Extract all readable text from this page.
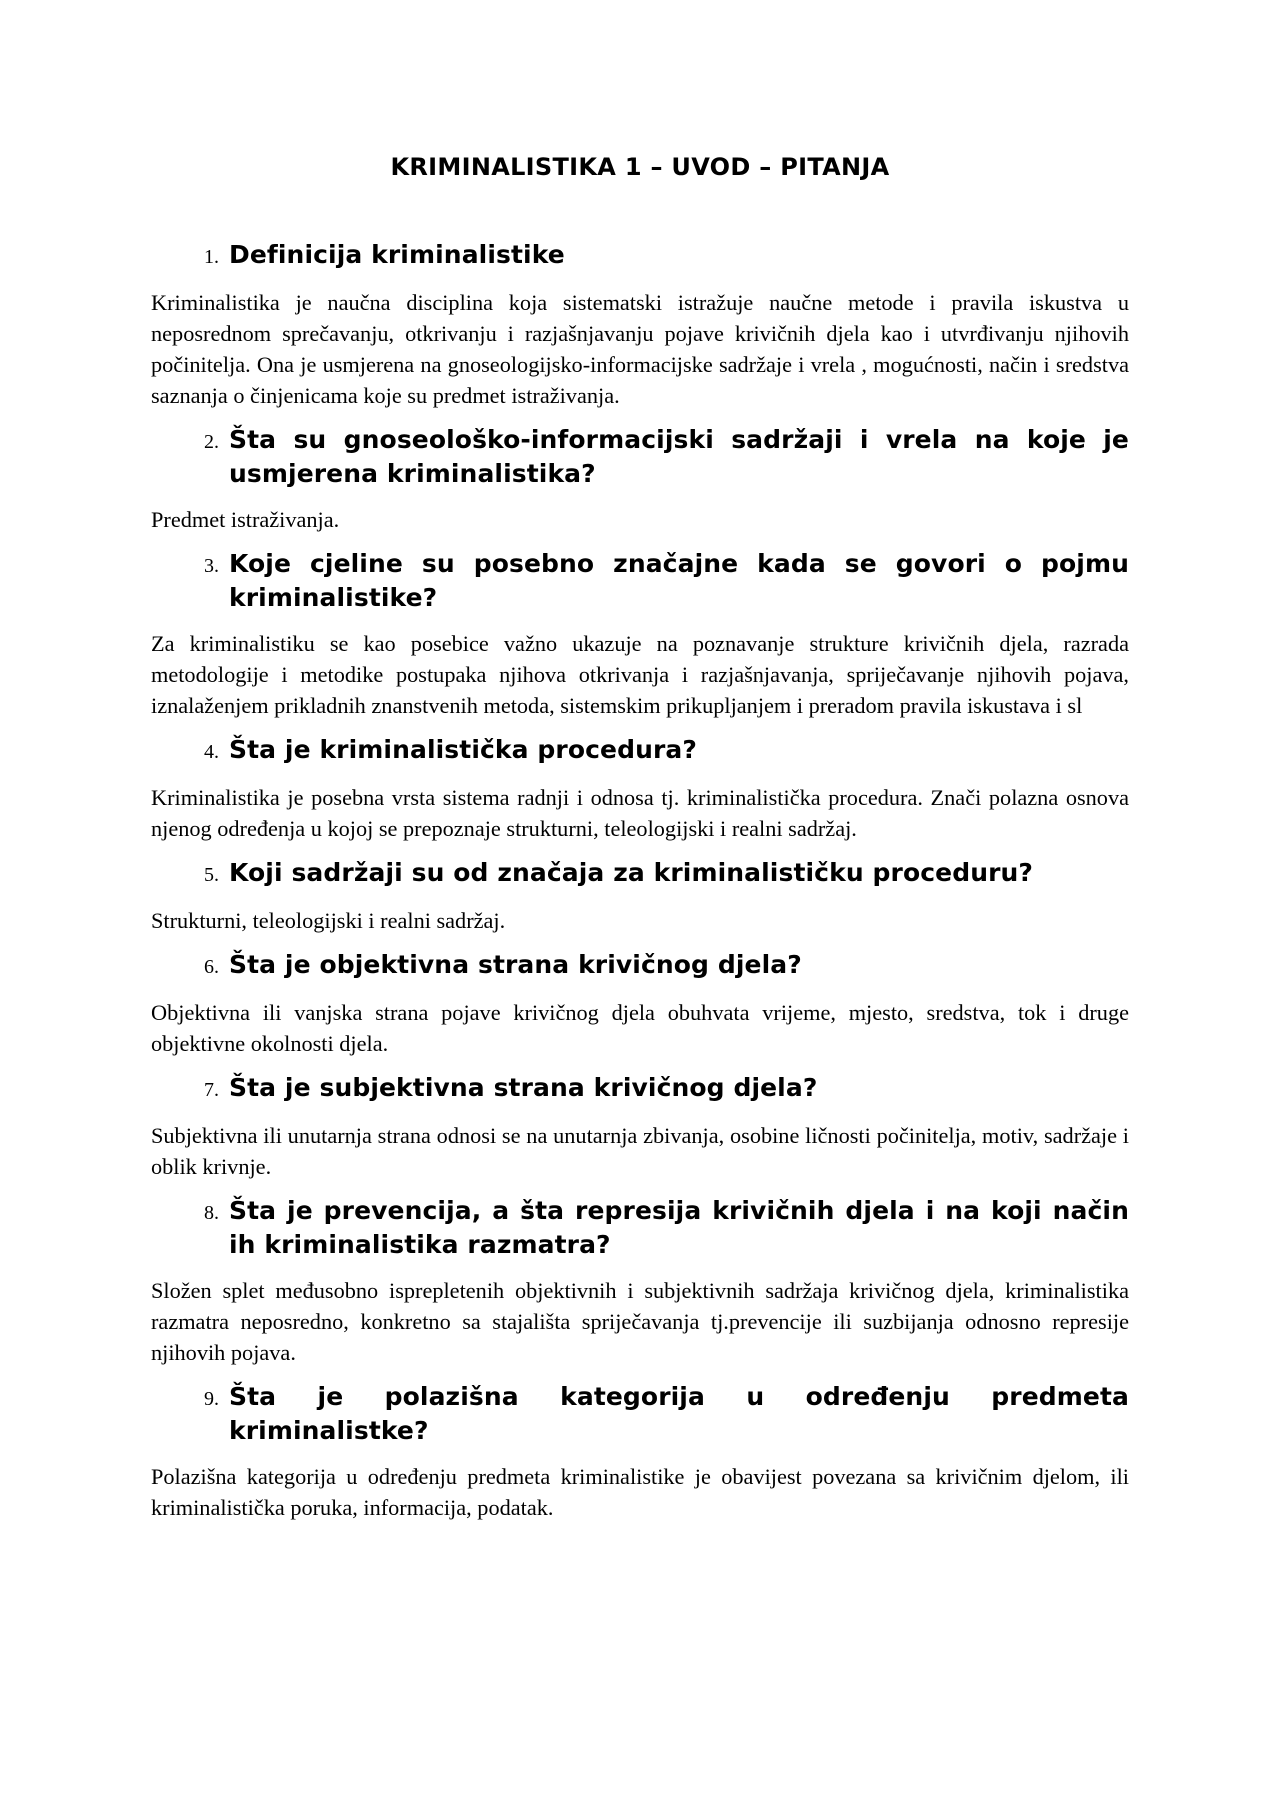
KRIMINALISTIKA 1 – UVOD – PITANJA
1. Definicija kriminalistike

Kriminalistika je naučna disciplina koja sistematski istražuje naučne metode i pravila iskustva u neposrednom sprečavanju, otkrivanju i razjašnjavanju pojave krivičnih djela kao i utvrđivanju njihovih počinitelja. Ona je usmjerena na gnoseologijsko-informacijske sadržaje i vrela , mogućnosti, način i sredstva saznanja o činjenicama koje su predmet istraživanja.

2. Šta su gnoseološko-informacijski sadržaji i vrela na koje je usmjerena kriminalistika?

Predmet istraživanja.

3. Koje cjeline su posebno značajne kada se govori o pojmu kriminalistike?

Za kriminalistiku se kao posebice važno ukazuje na poznavanje strukture krivičnih djela, razrada metodologije i metodike postupaka njihova otkrivanja i razjašnjavanja, spriječavanje njihovih pojava, iznalaženjem prikladnih znanstvenih metoda, sistemskim prikupljanjem i preradom pravila iskustava i sl

4. Šta je kriminalistička procedura?

Kriminalistika je posebna vrsta sistema radnji i odnosa tj. kriminalistička procedura. Znači polazna osnova njenog određenja u kojoj se prepoznaje strukturni, teleologijski i realni sadržaj.

5. Koji sadržaji su od značaja za kriminalističku proceduru?

Strukturni, teleologijski i realni sadržaj.

6. Šta je objektivna strana krivičnog djela?

Objektivna ili vanjska strana pojave krivičnog djela obuhvata vrijeme, mjesto, sredstva, tok i druge objektivne okolnosti djela.

7. Šta je subjektivna strana krivičnog djela?

Subjektivna ili unutarnja strana odnosi se na unutarnja zbivanja, osobine ličnosti počinitelja, motiv, sadržaje i oblik krivnje.

8. Šta je prevencija, a šta represija krivičnih djela i na koji način ih kriminalistika razmatra?

Složen splet međusobno isprepletenih objektivnih i subjektivnih sadržaja krivičnog djela, kriminalistika razmatra neposredno, konkretno sa stajališta spriječavanja tj.prevencije ili suzbijanja odnosno represije njihovih pojava.

9. Šta je polazišna kategorija u određenju predmeta kriminalistke?

Polazišna kategorija u određenju predmeta kriminalistike je obavijest povezana sa krivičnim djelom, ili kriminalistička poruka, informacija, podatak.
